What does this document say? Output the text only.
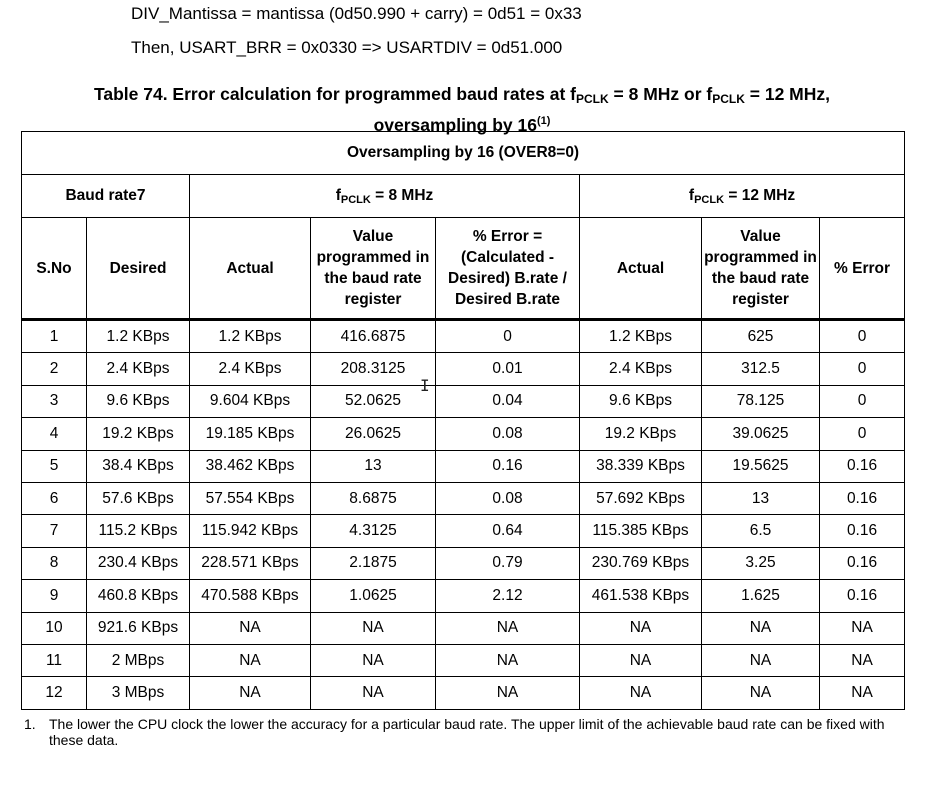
DIV_Mantissa = mantissa (0d50.990 + carry) = 0d51 = 0x33
Then, USART_BRR = 0x0330 => USARTDIV = 0d51.000
Table 74. Error calculation for programmed baud rates at $f_{PCLK} = 8$ MHz or $f_{PCLK} = 12$ MHz,
oversampling by 16$^{(1)}$
Oversampling by 16 (OVER8=0)							
Baud rate7		$f_{PCLK} = 8$ MHz			$f_{PCLK} = 12$ MHz		
S.No	Desired	Actual	Value programmed in the baud rate register	% Error = (Calculated - Desired) B.rate / Desired B.rate	Actual	Value programmed in the baud rate register	% Error
1	1.2 KBps	1.2 KBps	416.6875	0	1.2 KBps	625	0
2	2.4 KBps	2.4 KBps	208.3125	0.01	2.4 KBps	312.5	0
3	9.6 KBps	9.604 KBps	52.0625	0.04	9.6 KBps	78.125	0
4	19.2 KBps	19.185 KBps	26.0625	0.08	19.2 KBps	39.0625	0
5	38.4 KBps	38.462 KBps	13	0.16	38.339 KBps	19.5625	0.16
6	57.6 KBps	57.554 KBps	8.6875	0.08	57.692 KBps	13	0.16
7	115.2 KBps	115.942 KBps	4.3125	0.64	115.385 KBps	6.5	0.16
8	230.4 KBps	228.571 KBps	2.1875	0.79	230.769 KBps	3.25	0.16
9	460.8 KBps	470.588 KBps	1.0625	2.12	461.538 KBps	1.625	0.16
10	921.6 KBps	NA	NA	NA	NA	NA	NA
11	2 MBps	NA	NA	NA	NA	NA	NA
12	3 MBps	NA	NA	NA	NA	NA	NA
I
1. The lower the CPU clock the lower the accuracy for a particular baud rate. The upper limit of the achievable baud rate can be fixed with these data.
